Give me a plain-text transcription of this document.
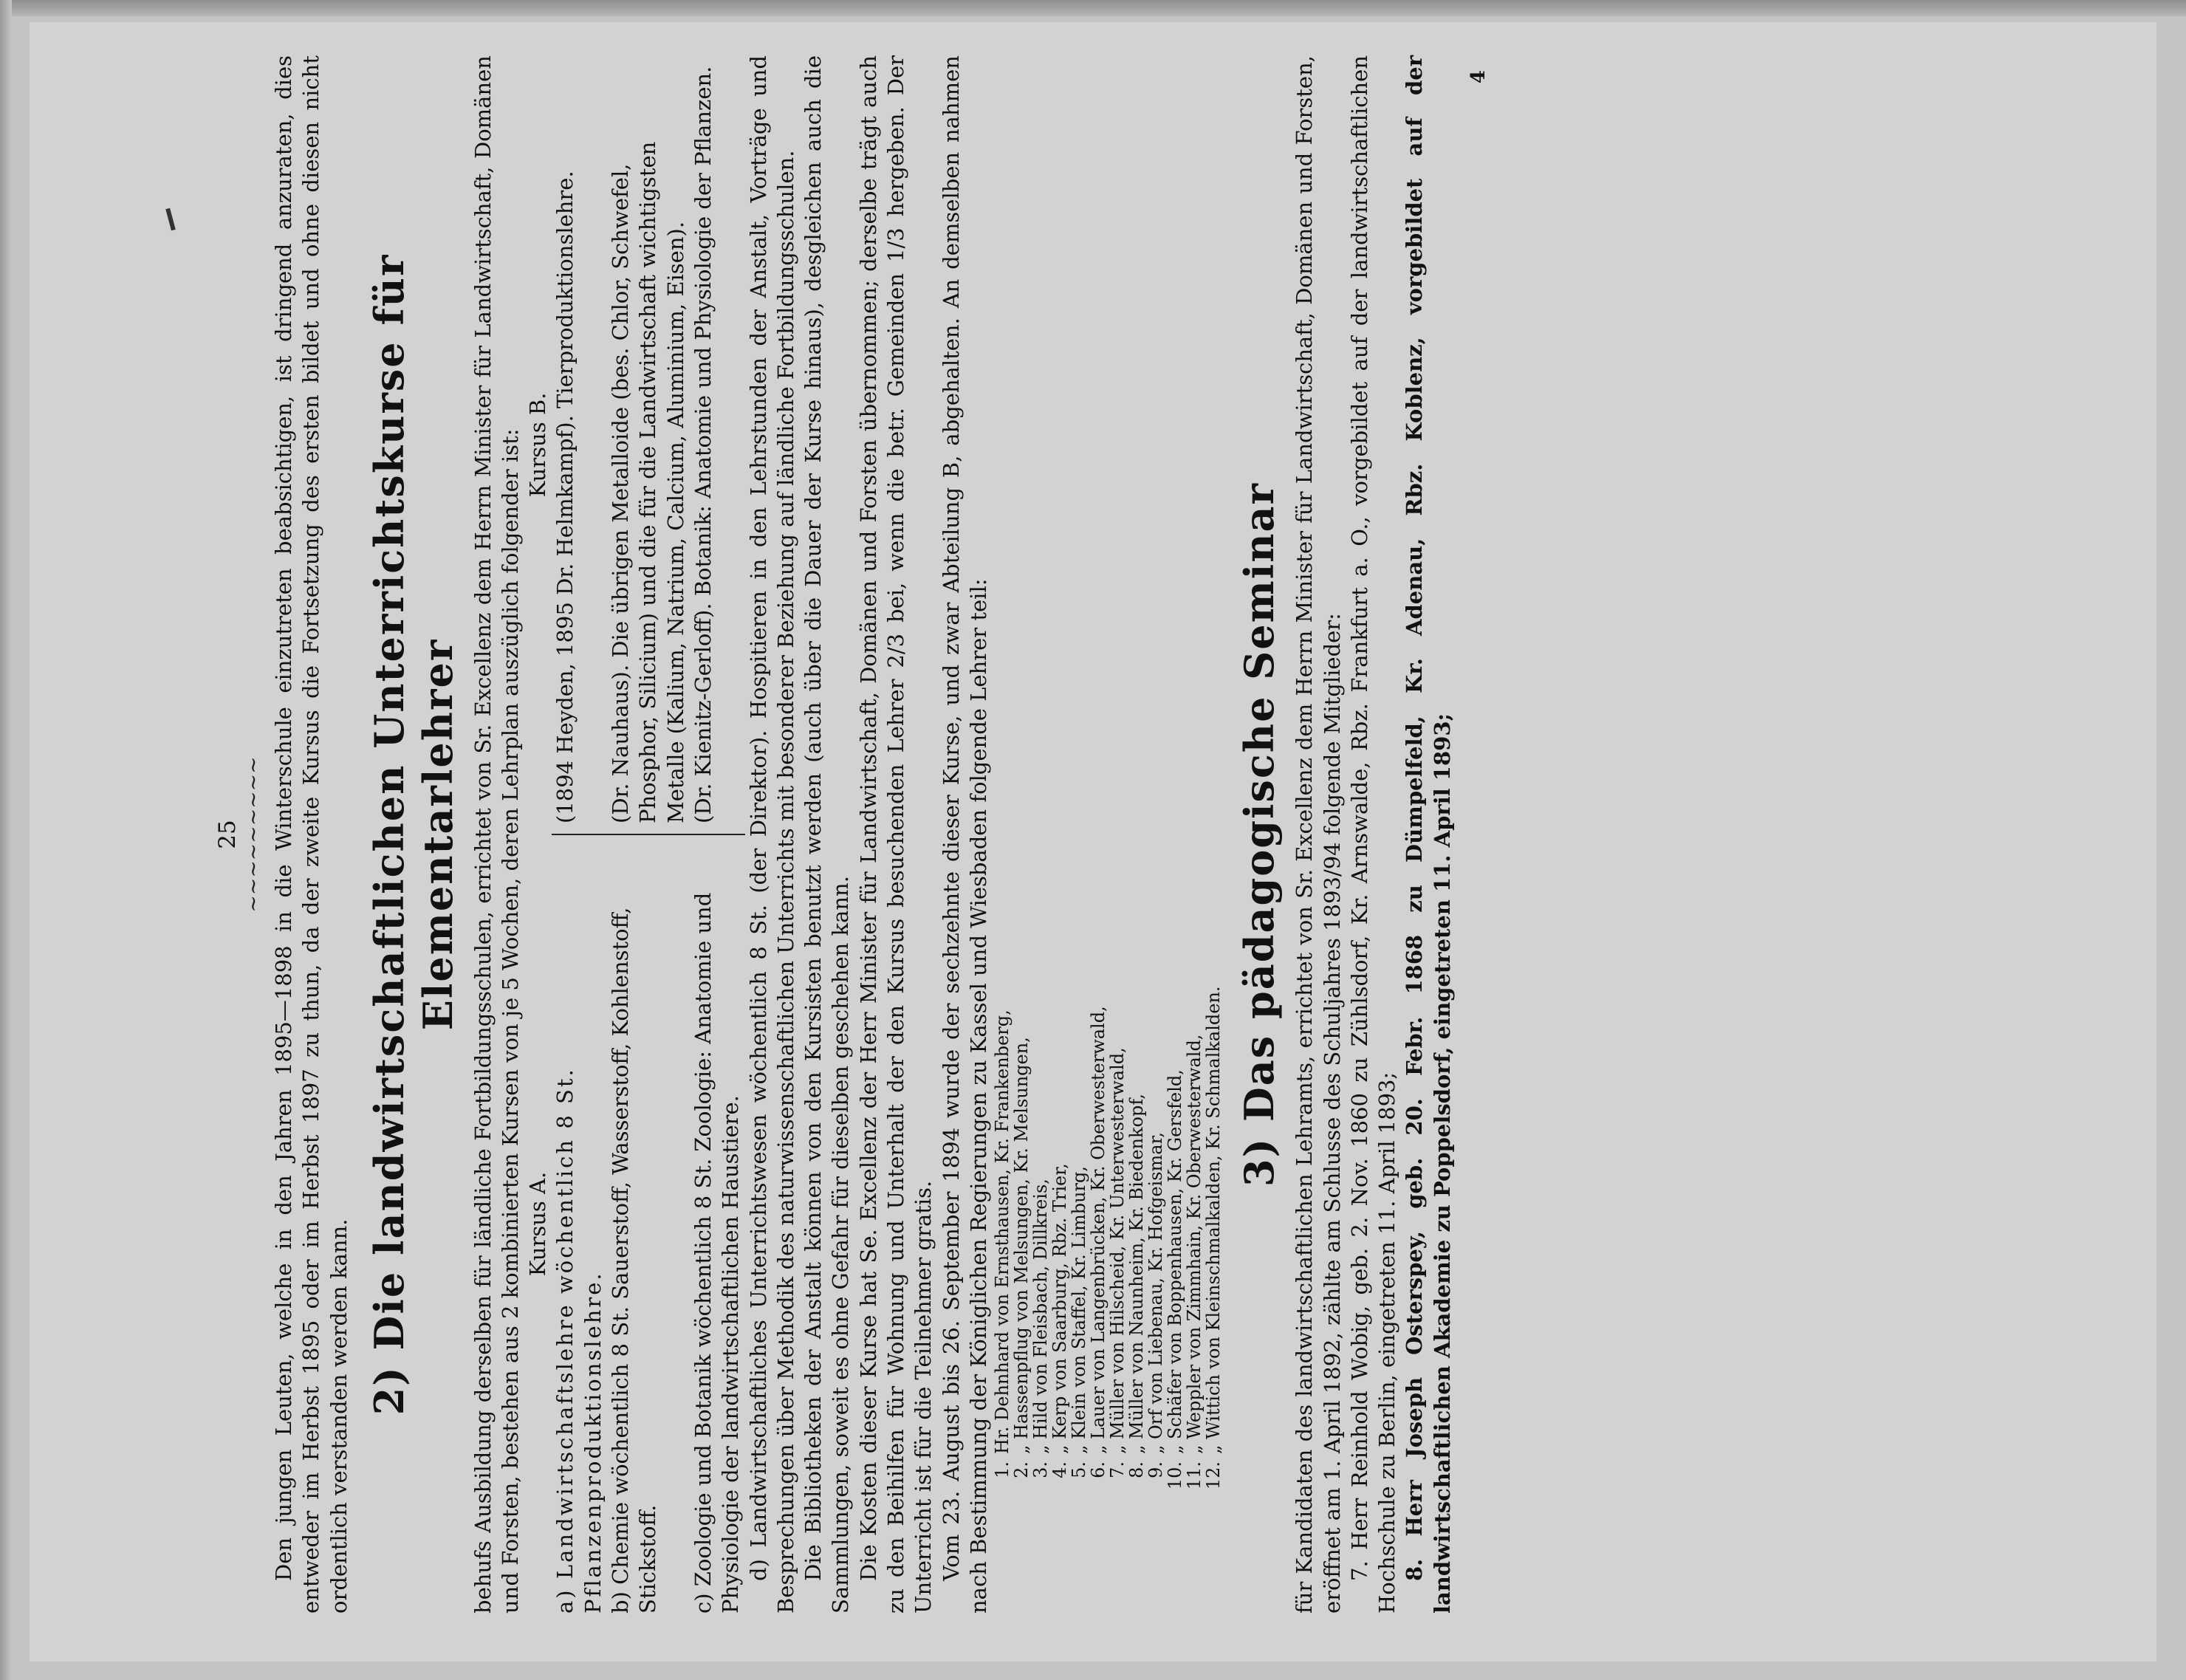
25 ∼∼∼∼∼∼∼∼∼ Den jungen Leuten, welche in den Jahren 1895—1898 in die Winterschule einzutreten beabsichtigen, ist dringend anzuraten, dies entweder im Herbst 1895 oder im Herbst 1897 zu thun, da der zweite Kursus die Fortsetzung des ersten bildet und ohne diesen nicht ordentlich verstanden werden kann.

2) Die landwirtschaftlichen Unterrichtskurse für Elementarlehrer behufs Ausbildung derselben für ländliche Fortbildungsschulen, errichtet von Sr. Excellenz dem Herrn Minister für Landwirtschaft, Domänen und Forsten, bestehen aus 2 kombinierten Kursen von je 5 Wochen, deren Lehrplan auszüglich folgender ist: Kursus A.
Kursus B.
a) Landwirtschaftslehre wöchentlich 8 St. Pflanzenproduktionslehre.
(1894 Heyden, 1895 Dr. Helmkampf). Tierproduktionslehre.
b) Chemie wöchentlich 8 St. Sauerstoff, Wasserstoff, Kohlenstoff, Stickstoff.
(Dr. Nauhaus). Die übrigen Metalloide (bes. Chlor, Schwefel, Phosphor, Silicium) und die für die Landwirtschaft wichtigsten Metalle (Kalium, Natrium, Calcium, Aluminium, Eisen).
c) Zoologie und Botanik wöchentlich 8 St. Zoologie: Anatomie und Physiologie der landwirtschaftlichen Haustiere.
(Dr. Kienitz-Gerloff). Botanik: Anatomie und Physiologie der Pflanzen.	d) Landwirtschaftliches Unterrichtswesen wöchentlich 8 St. (der Direktor). Hospitieren in den Lehrstunden der Anstalt, Vorträge und Besprechungen über Methodik des naturwissenschaftlichen Unterrichts mit besonderer Beziehung auf ländliche Fortbildungsschulen. Die Bibliotheken der Anstalt können von den Kursisten benutzt werden (auch über die Dauer der Kurse hinaus), desgleichen auch die Sammlungen, soweit es ohne Gefahr für dieselben geschehen kann. Die Kosten dieser Kurse hat Se. Excellenz der Herr Minister für Landwirtschaft, Domänen und Forsten übernommen; derselbe trägt auch zu den Beihilfen für Wohnung und Unterhalt der den Kursus besuchenden Lehrer 2/3 bei, wenn die betr. Gemeinden 1/3 hergeben. Der Unterricht ist für die Teilnehmer gratis. Vom 23. August bis 26. September 1894 wurde der sechzehnte dieser Kurse, und zwar Abteilung B, abgehalten. An demselben nahmen nach Bestimmung der Königlichen Regierungen zu Kassel und Wiesbaden folgende Lehrer teil: 1.
Hr. Dehnhard von Ernsthausen, Kr. Frankenberg,
2.
„ Hassenpflug von Melsungen, Kr. Melsungen,
3.
„ Hild von Fleisbach, Dillkreis,
4.
„ Kerp von Saarburg, Rbz. Trier,
5.
„ Klein von Staffel, Kr. Limburg,
6.
„ Lauer von Langenbrücken, Kr. Oberwesterwald,
7.
„ Müller von Hilscheid, Kr. Unterwesterwald,
8.
„ Müller von Naunheim, Kr. Biedenkopf,
9.
„ Orf von Liebenau, Kr. Hofgeismar,
10.
„ Schäfer von Boppenhausen, Kr. Gersfeld,
11.
„ Weppler von Zimmhain, Kr. Oberwesterwald,
12.
„ Wittich von Kleinschmalkalden, Kr. Schmalkalden.
3) Das pädagogische Seminar für Kandidaten des landwirtschaftlichen Lehramts, errichtet von Sr. Excellenz dem Herrn Minister für Landwirtschaft, Domänen und Forsten, eröffnet am 1. April 1892, zählte am Schlusse des Schuljahres 1893/94 folgende Mitglieder: 7. Herr Reinhold Wobig, geb. 2. Nov. 1860 zu Zühlsdorf, Kr. Arnswalde, Rbz. Frankfurt a. O., vorgebildet auf der landwirtschaftlichen Hochschule zu Berlin, eingetreten 11. April 1893; 8. Herr Joseph Osterspey, geb. 20. Febr. 1868 zu Dümpelfeld, Kr. Adenau, Rbz. Koblenz, vorgebildet auf der landwirtschaftlichen Akademie zu Poppelsdorf, eingetreten 11. April 1893;

4
